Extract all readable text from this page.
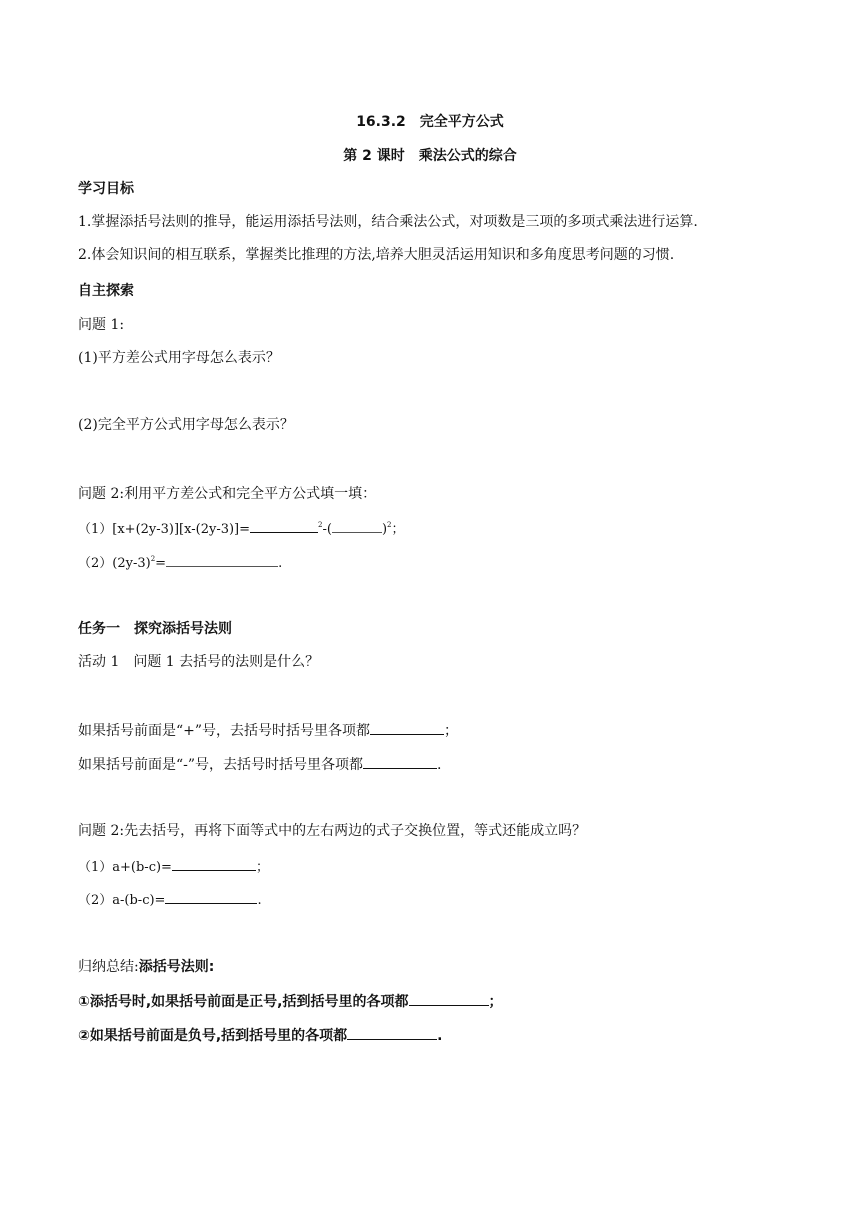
16.3.2　完全平方公式
第 2 课时　乘法公式的综合
学习目标
1.掌握添括号法则的推导，能运用添括号法则，结合乘法公式，对项数是三项的多项式乘法进行运算.
2.体会知识间的相互联系，掌握类比推理的方法,培养大胆灵活运用知识和多角度思考问题的习惯.
自主探索
问题 1:
(1)平方差公式用字母怎么表示？
(2)完全平方公式用字母怎么表示？
问题 2:利用平方差公式和完全平方公式填一填：
（1）[x+(2y-3)][x-(2y-3)]=	$^2$-(	)$^2$；
$(2)(2y-3)^2=$	.
任务一　探究添括号法则
活动 1　问题 1 去括号的法则是什么？
如果括号前面是“+”号，去括号时括号里各项都	；
如果括号前面是“-”号，去括号时括号里各项都	.
问题 2:先去括号，再将下面等式中的左右两边的式子交换位置，等式还能成立吗？
（1）a+(b-c)=	；
（2）a-(b-c)=	.
归纳总结:添括号法则:
①添括号时,如果括号前面是正号,括到括号里的各项都	；
②如果括号前面是负号,括到括号里的各项都	.
